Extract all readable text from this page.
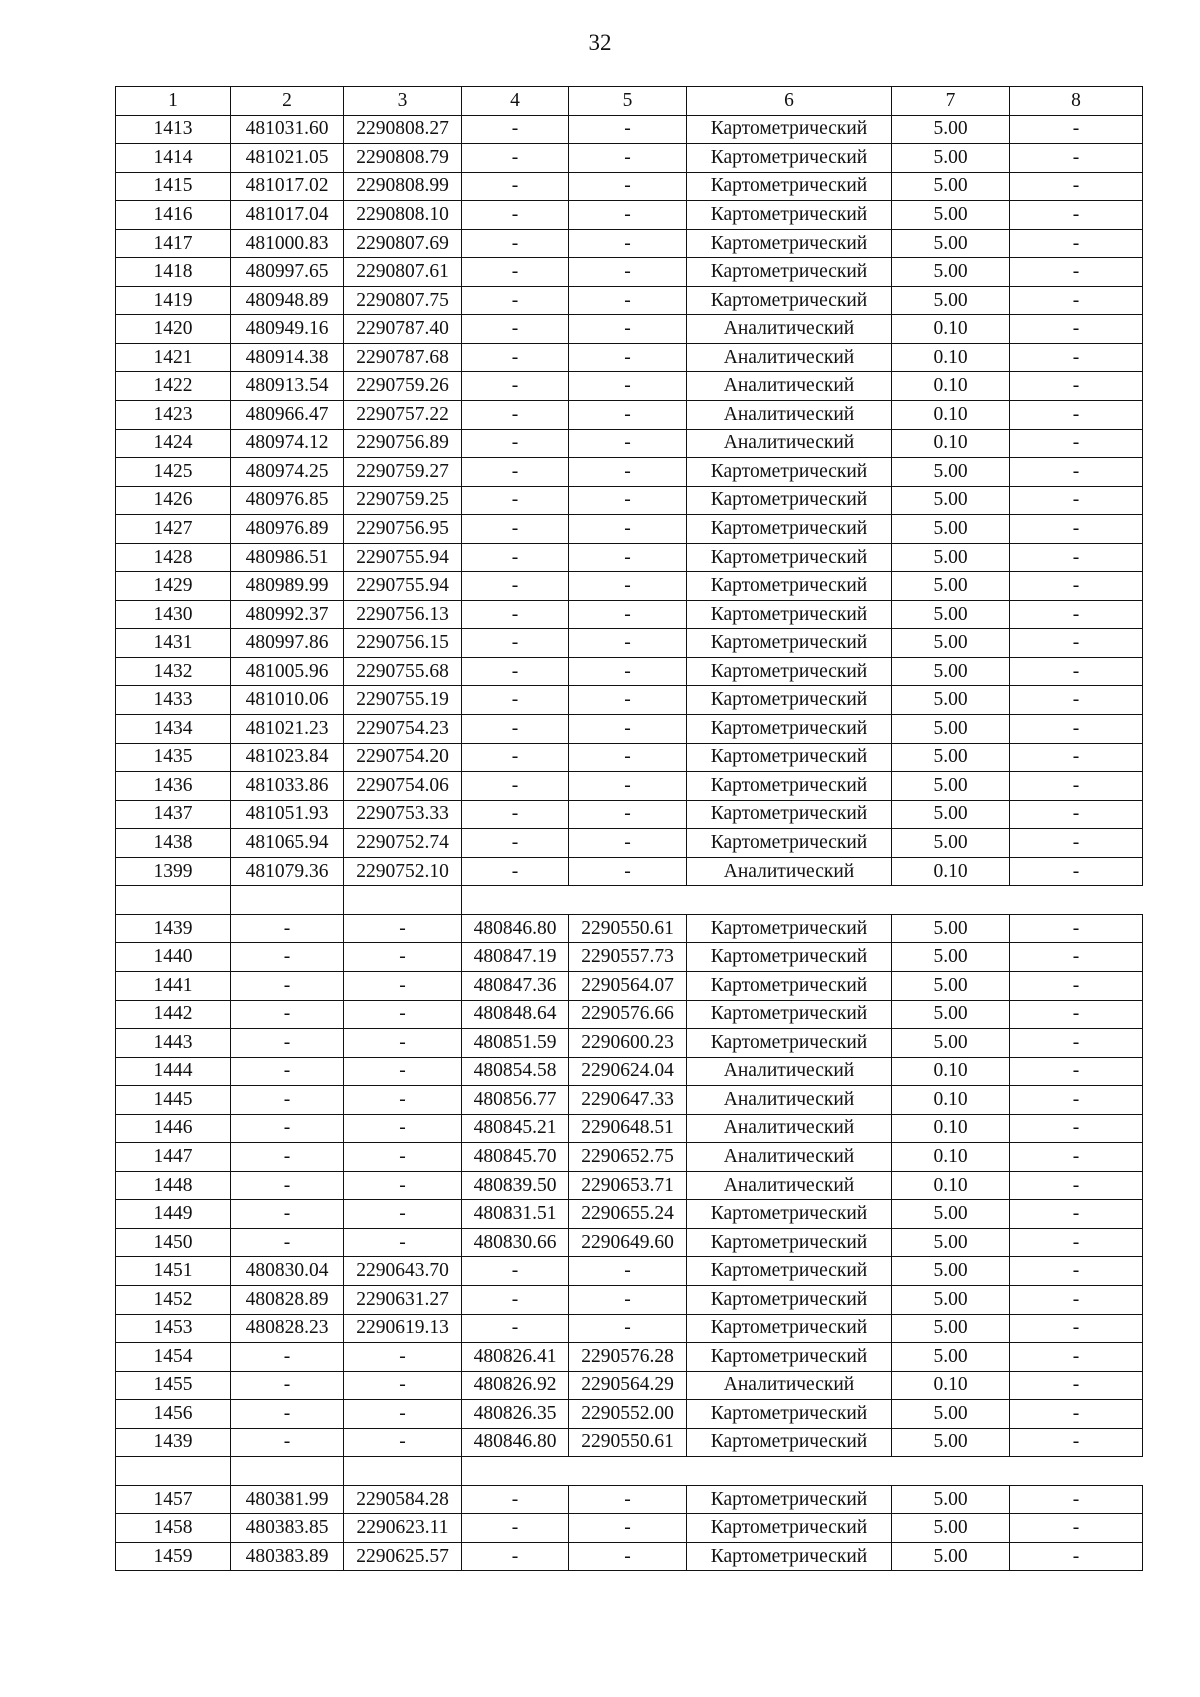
32
1	2	3	4	5	6	7	8
1413	481031.60	2290808.27	-	-	Картометрический	5.00	-
1414	481021.05	2290808.79	-	-	Картометрический	5.00	-
1415	481017.02	2290808.99	-	-	Картометрический	5.00	-
1416	481017.04	2290808.10	-	-	Картометрический	5.00	-
1417	481000.83	2290807.69	-	-	Картометрический	5.00	-
1418	480997.65	2290807.61	-	-	Картометрический	5.00	-
1419	480948.89	2290807.75	-	-	Картометрический	5.00	-
1420	480949.16	2290787.40	-	-	Аналитический	0.10	-
1421	480914.38	2290787.68	-	-	Аналитический	0.10	-
1422	480913.54	2290759.26	-	-	Аналитический	0.10	-
1423	480966.47	2290757.22	-	-	Аналитический	0.10	-
1424	480974.12	2290756.89	-	-	Аналитический	0.10	-
1425	480974.25	2290759.27	-	-	Картометрический	5.00	-
1426	480976.85	2290759.25	-	-	Картометрический	5.00	-
1427	480976.89	2290756.95	-	-	Картометрический	5.00	-
1428	480986.51	2290755.94	-	-	Картометрический	5.00	-
1429	480989.99	2290755.94	-	-	Картометрический	5.00	-
1430	480992.37	2290756.13	-	-	Картометрический	5.00	-
1431	480997.86	2290756.15	-	-	Картометрический	5.00	-
1432	481005.96	2290755.68	-	-	Картометрический	5.00	-
1433	481010.06	2290755.19	-	-	Картометрический	5.00	-
1434	481021.23	2290754.23	-	-	Картометрический	5.00	-
1435	481023.84	2290754.20	-	-	Картометрический	5.00	-
1436	481033.86	2290754.06	-	-	Картометрический	5.00	-
1437	481051.93	2290753.33	-	-	Картометрический	5.00	-
1438	481065.94	2290752.74	-	-	Картометрический	5.00	-
1399	481079.36	2290752.10	-	-	Аналитический	0.10	-

1439	-	-	480846.80	2290550.61	Картометрический	5.00	-
1440	-	-	480847.19	2290557.73	Картометрический	5.00	-
1441	-	-	480847.36	2290564.07	Картометрический	5.00	-
1442	-	-	480848.64	2290576.66	Картометрический	5.00	-
1443	-	-	480851.59	2290600.23	Картометрический	5.00	-
1444	-	-	480854.58	2290624.04	Аналитический	0.10	-
1445	-	-	480856.77	2290647.33	Аналитический	0.10	-
1446	-	-	480845.21	2290648.51	Аналитический	0.10	-
1447	-	-	480845.70	2290652.75	Аналитический	0.10	-
1448	-	-	480839.50	2290653.71	Аналитический	0.10	-
1449	-	-	480831.51	2290655.24	Картометрический	5.00	-
1450	-	-	480830.66	2290649.60	Картометрический	5.00	-
1451	480830.04	2290643.70	-	-	Картометрический	5.00	-
1452	480828.89	2290631.27	-	-	Картометрический	5.00	-
1453	480828.23	2290619.13	-	-	Картометрический	5.00	-
1454	-	-	480826.41	2290576.28	Картометрический	5.00	-
1455	-	-	480826.92	2290564.29	Аналитический	0.10	-
1456	-	-	480826.35	2290552.00	Картометрический	5.00	-
1439	-	-	480846.80	2290550.61	Картометрический	5.00	-

1457	480381.99	2290584.28	-	-	Картометрический	5.00	-
1458	480383.85	2290623.11	-	-	Картометрический	5.00	-
1459	480383.89	2290625.57	-	-	Картометрический	5.00	-
